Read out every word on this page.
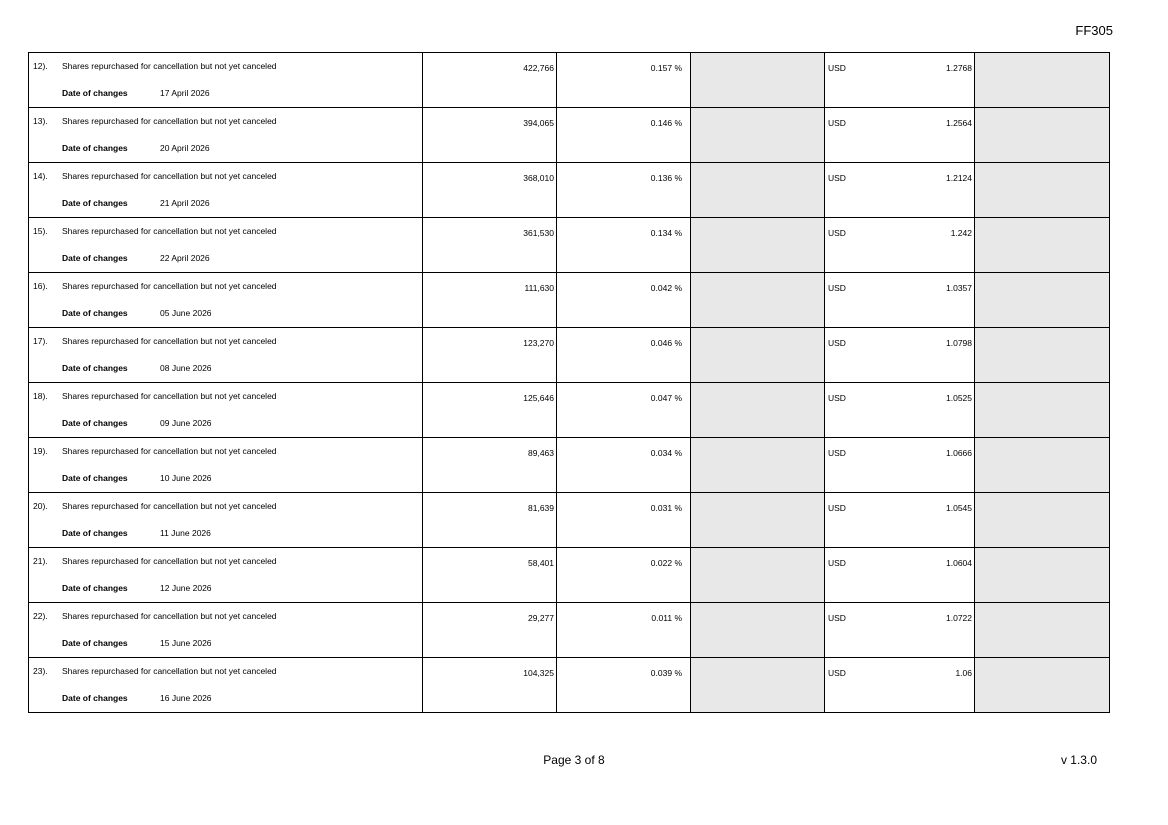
FF305
12). Shares repurchased for cancellation but not yet canceled
Date of changes	17 April 2026
422,766	0.157 %	USD	1.2768
13). Shares repurchased for cancellation but not yet canceled
Date of changes	20 April 2026
394,065	0.146 %	USD	1.2564
14). Shares repurchased for cancellation but not yet canceled
Date of changes	21 April 2026
368,010	0.136 %	USD	1.2124
15). Shares repurchased for cancellation but not yet canceled
Date of changes	22 April 2026
361,530	0.134 %	USD	1.242
16). Shares repurchased for cancellation but not yet canceled
Date of changes	05 June 2026
111,630	0.042 %	USD	1.0357
17). Shares repurchased for cancellation but not yet canceled
Date of changes	08 June 2026
123,270	0.046 %	USD	1.0798
18). Shares repurchased for cancellation but not yet canceled
Date of changes	09 June 2026
125,646	0.047 %	USD	1.0525
19). Shares repurchased for cancellation but not yet canceled
Date of changes	10 June 2026
89,463	0.034 %	USD	1.0666
20). Shares repurchased for cancellation but not yet canceled
Date of changes	11 June 2026
81,639	0.031 %	USD	1.0545
21). Shares repurchased for cancellation but not yet canceled
Date of changes	12 June 2026
58,401	0.022 %	USD	1.0604
22). Shares repurchased for cancellation but not yet canceled
Date of changes	15 June 2026
29,277	0.011 %	USD	1.0722
23). Shares repurchased for cancellation but not yet canceled
Date of changes	16 June 2026
104,325	0.039 %	USD	1.06
Page 3 of 8	v 1.3.0
